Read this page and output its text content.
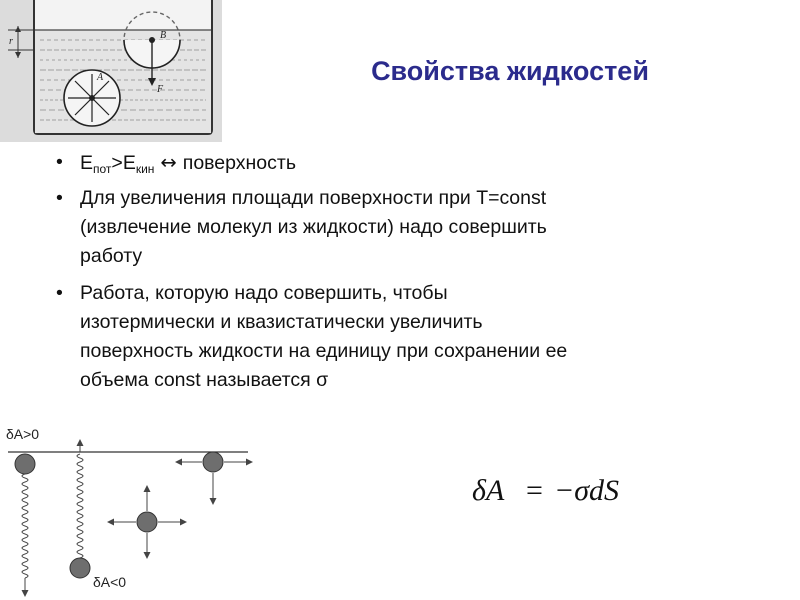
r
A
B
F
Свойства жидкостей
• $E_{пот}>E_{кин}$ ↔ поверхность
• Для увеличения площади поверхности при T=const
(извлечение молекул из жидкости) надо совершить
работу
• Работа, которую надо совершить, чтобы
изотермически и квазистатически увеличить
поверхность жидкости на единицу при сохранении ее
объема const называется σ
δA>0
δA<0
δA = −σdS
